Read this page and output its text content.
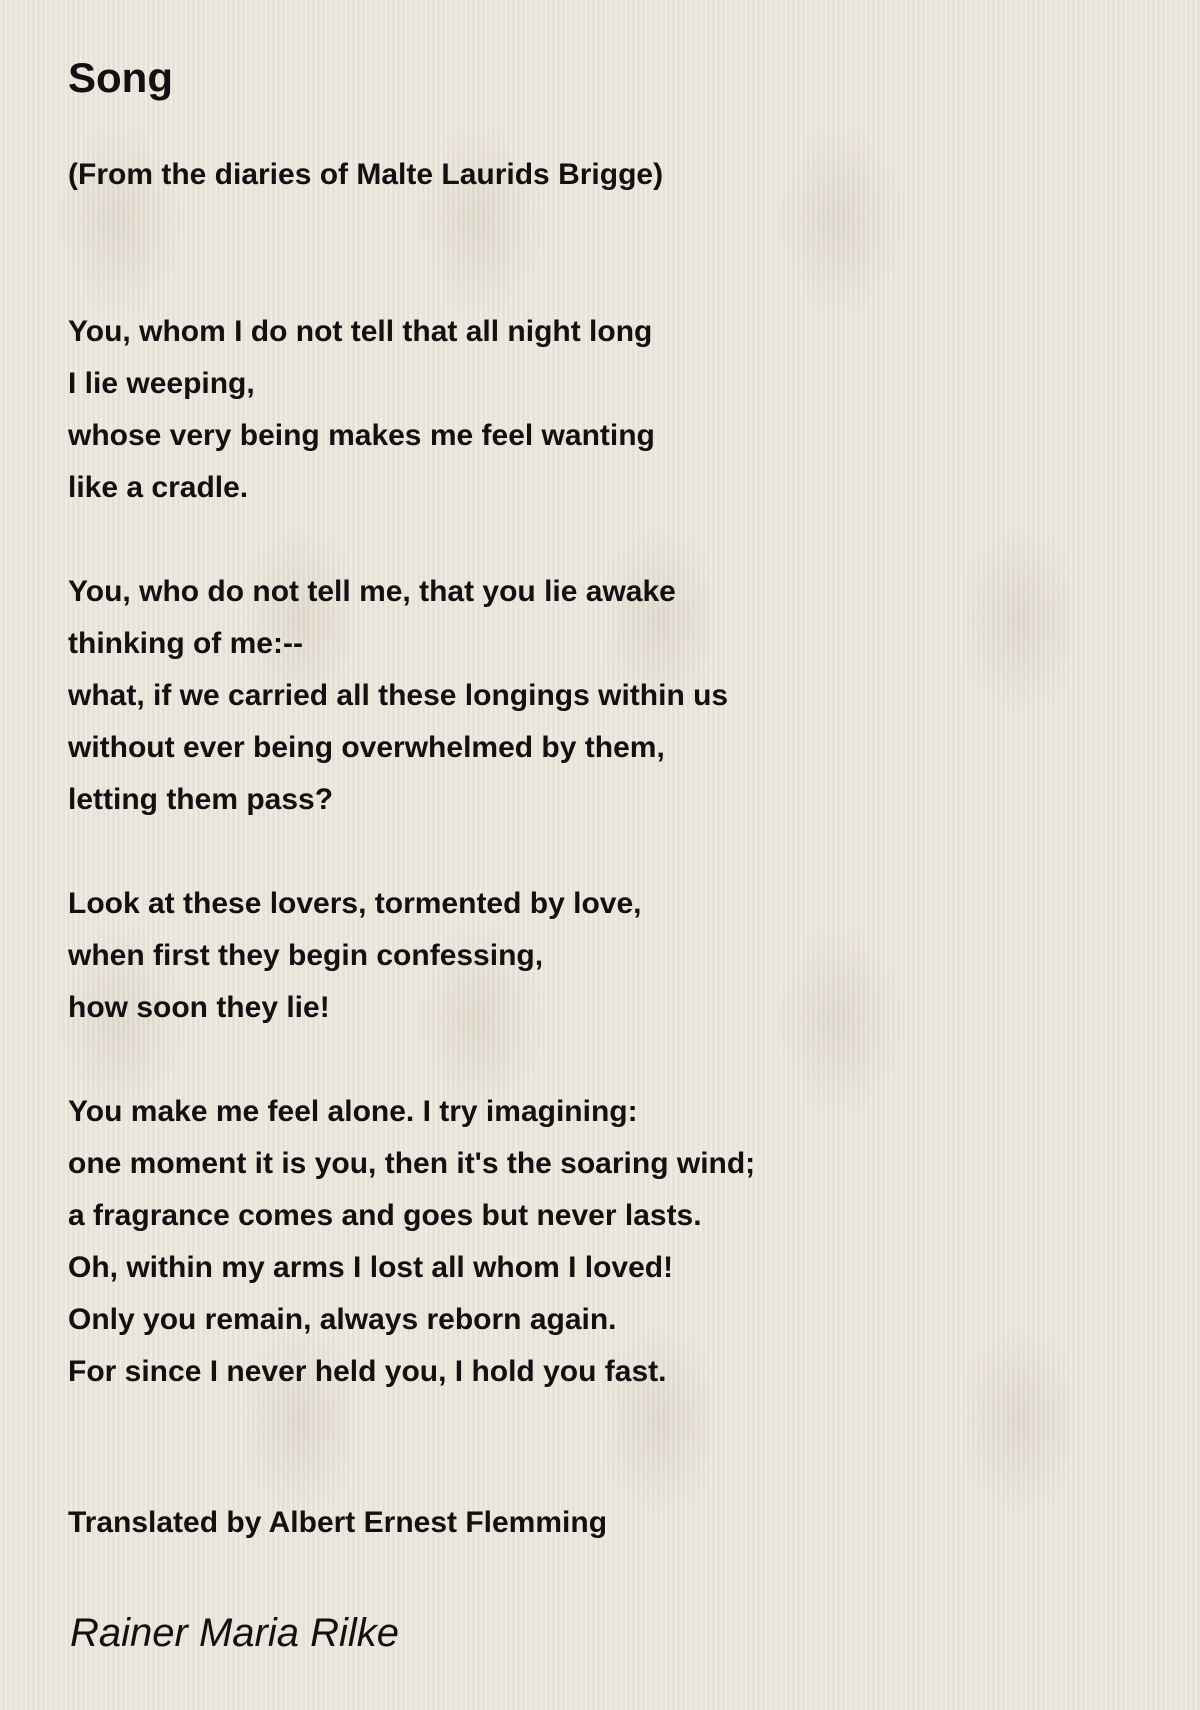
Song
(From the diaries of Malte Laurids Brigge)
You, whom I do not tell that all night long
I lie weeping,
whose very being makes me feel wanting
like a cradle.
You, who do not tell me, that you lie awake
thinking of me:--
what, if we carried all these longings within us
without ever being overwhelmed by them,
letting them pass?
Look at these lovers, tormented by love,
when first they begin confessing,
how soon they lie!
You make me feel alone. I try imagining:
one moment it is you, then it's the soaring wind;
a fragrance comes and goes but never lasts.
Oh, within my arms I lost all whom I loved!
Only you remain, always reborn again.
For since I never held you, I hold you fast.
Translated by Albert Ernest Flemming
Rainer Maria Rilke
